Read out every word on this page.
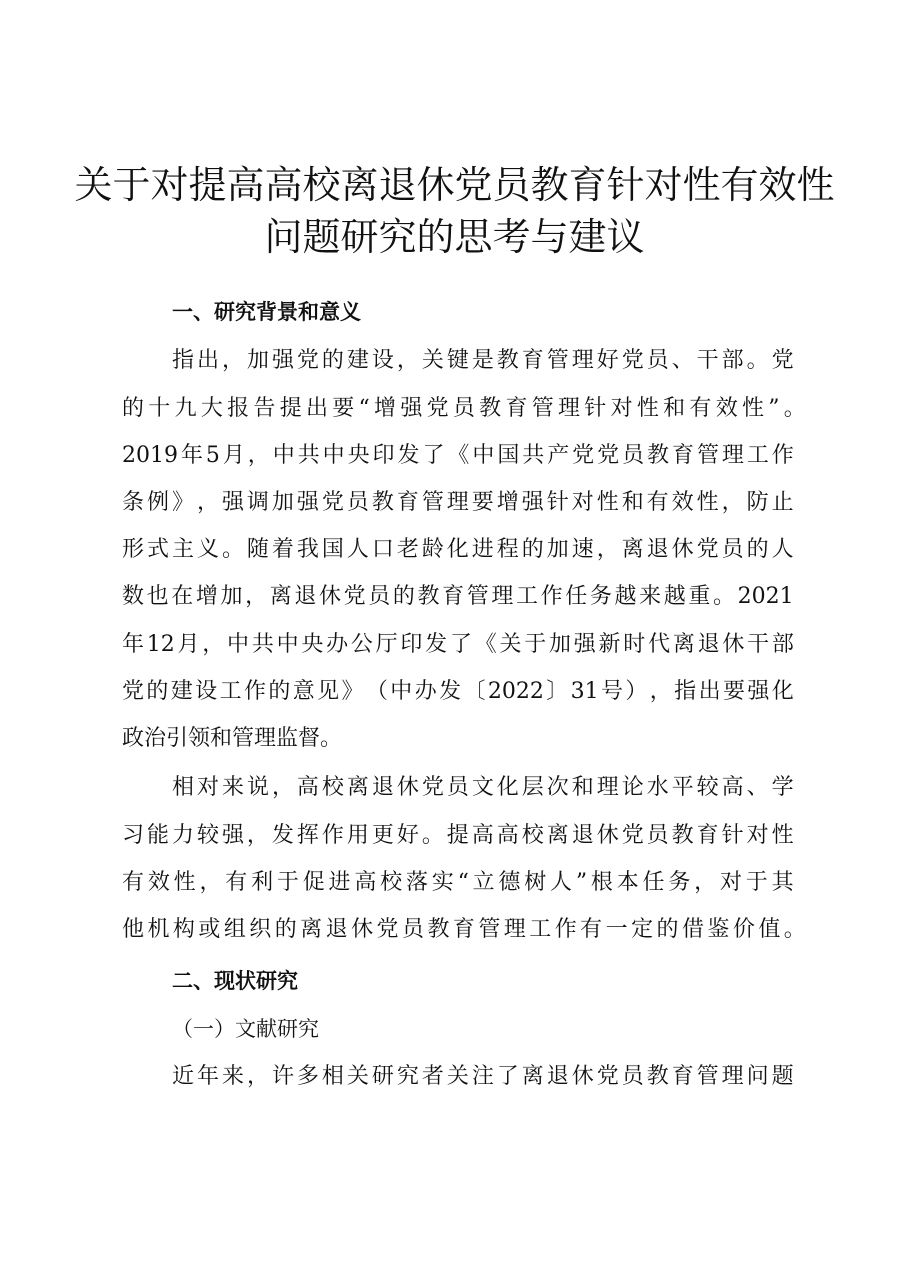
关于对提高高校离退休党员教育针对性有效性
问题研究的思考与建议
一、研究背景和意义
指 出 ， 加 强 党 的 建 设 ， 关 键 是 教 育 管 理 好 党 员 、 干 部 。 党
的 十 九 大 报 告 提 出 要 “ 增 强 党 员 教 育 管 理 针 对 性 和 有 效 性 ” 。
2019 年 5 月 ， 中 共 中 央 印 发 了 《 中 国 共 产 党 党 员 教 育 管 理 工 作
条 例 》 ， 强 调 加 强 党 员 教 育 管 理 要 增 强 针 对 性 和 有 效 性 ， 防 止
形 式 主 义 。 随 着 我 国 人 口 老 龄 化 进 程 的 加 速 ， 离 退 休 党 员 的 人
数 也 在 增 加 ， 离 退 休 党 员 的 教 育 管 理 工 作 任 务 越 来 越 重 。 2021
年 12 月 ， 中 共 中 央 办 公 厅 印 发 了 《 关 于 加 强 新 时 代 离 退 休 干 部
党 的 建 设 工 作 的 意 见 》 （ 中 办 发 〔 2022 〕 31 号 ） ， 指 出 要 强 化
政治引领和管理监督。
相 对 来 说 ， 高 校 离 退 休 党 员 文 化 层 次 和 理 论 水 平 较 高 、 学
习 能 力 较 强 ， 发 挥 作 用 更 好 。 提 高 高 校 离 退 休 党 员 教 育 针 对 性
有 效 性 ， 有 利 于 促 进 高 校 落 实 “ 立 德 树 人 ” 根 本 任 务 ， 对 于 其
他 机 构 或 组 织 的 离 退 休 党 员 教 育 管 理 工 作 有 一 定 的 借 鉴 价 值 。
二、现状研究
（一）文献研究
近 年 来 ， 许 多 相 关 研 究 者 关 注 了 离 退 休 党 员 教 育 管 理 问 题
